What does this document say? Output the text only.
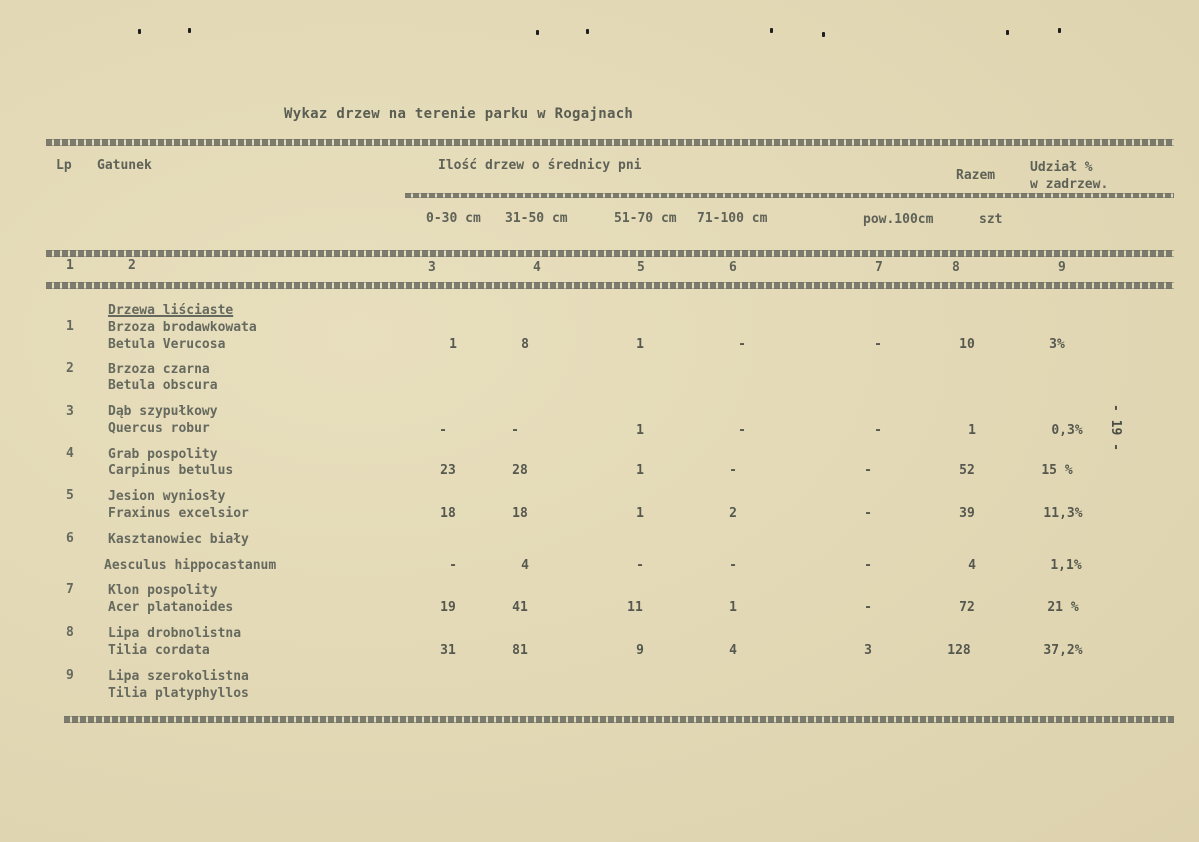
Wykaz drzew na terenie parku w Rogajnach
- 19 -
Lp Gatunek	Ilość drzew o średnicy pni
Razem
Udział %
w zadrzew.
0-30 cm 31-50 cm	51-70 cm 71-100 cm	pow.100cm	szt
1	2	3	4	5	6	7	8	9
Drzewa liściaste
1	Brzoza brodawkowata
Betula Verucosa	1	8	1	-	-	10	3%
2	Brzoza czarna
Betula obscura
3	Dąb szypułkowy
Quercus robur	-	-	1	-	-	1	0,3%
4	Grab pospolity
Carpinus betulus	23	28	1	-	-	52	15 %
5	Jesion wyniosły
Fraxinus excelsior	18	18	1	2	-	39	11,3%
6	Kasztanowiec biały
Aesculus hippocastanum	-	4	-	-	-	4	1,1%
7	Klon pospolity
Acer platanoides	19	41	11	1	-	72	21 %
8	Lipa drobnolistna
Tilia cordata	31	81	9	4	3	128	37,2%
9	Lipa szerokolistna
Tilia platyphyllos
